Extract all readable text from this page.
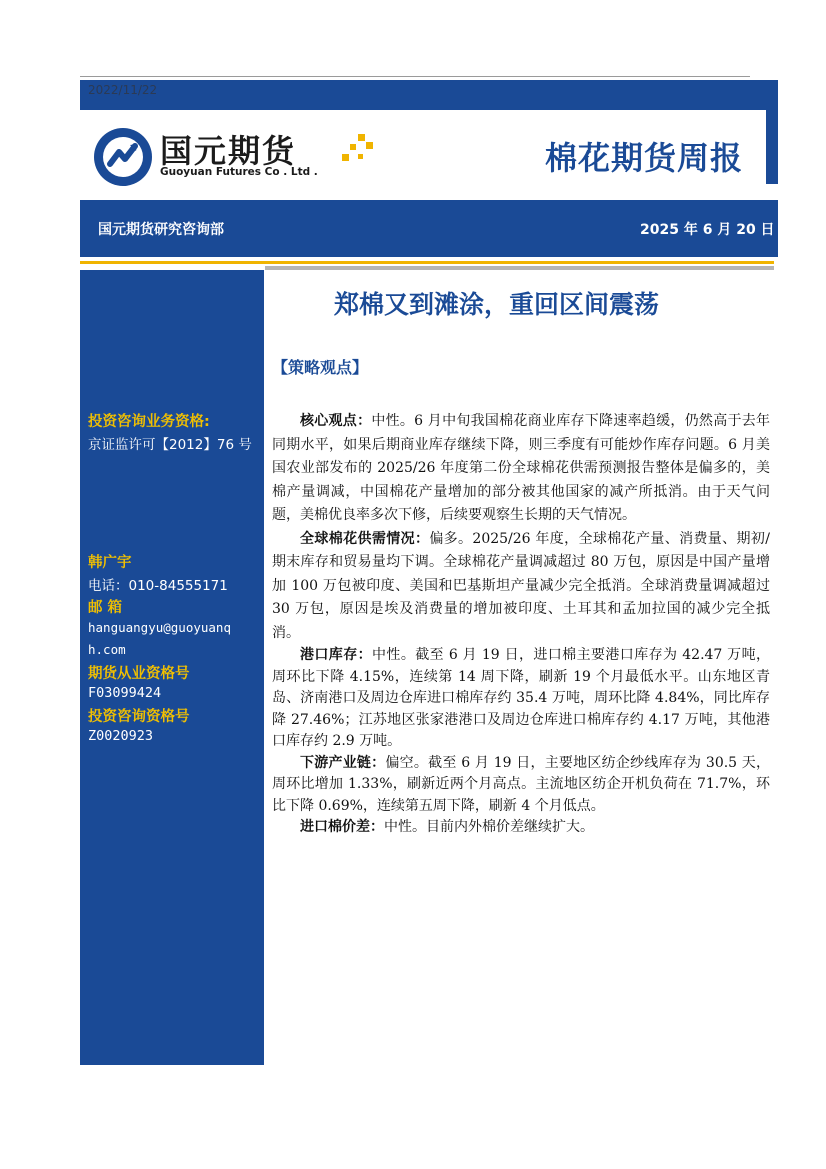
2022/11/22
国元期货
Guoyuan Futures Co . Ltd .	棉花期货周报
国元期货研究咨询部	2025 年 6 月 20 日
投资咨询业务资格:
京证监许可【2012】76 号
韩广宇
电话：010-84555171
邮 箱
hanguangyu@guoyuanq
h.com
期货从业资格号
F03099424
投资咨询资格号
Z0020923
郑棉又到滩涂，重回区间震荡
【策略观点】

核心观点：中性。6 月中旬我国棉花商业库存下降速率趋缓，仍然高于去年同期水平，如果后期商业库存继续下降，则三季度有可能炒作库存问题。6 月美国农业部发布的 2025/26 年度第二份全球棉花供需预测报告整体是偏多的，美棉产量调减，中国棉花产量增加的部分被其他国家的减产所抵消。由于天气问题，美棉优良率多次下修，后续要观察生长期的天气情况。

全球棉花供需情况：偏多。2025/26 年度，全球棉花产量、消费量、期初/期末库存和贸易量均下调。全球棉花产量调减超过 80 万包，原因是中国产量增加 100 万包被印度、美国和巴基斯坦产量减少完全抵消。全球消费量调减超过 30 万包，原因是埃及消费量的增加被印度、土耳其和孟加拉国的减少完全抵消。

港口库存：中性。截至 6 月 19 日，进口棉主要港口库存为 42.47 万吨，周环比下降 4.15%，连续第 14 周下降，刷新 19 个月最低水平。山东地区青岛、济南港口及周边仓库进口棉库存约 35.4 万吨，周环比降 4.84%，同比库存降 27.46%；江苏地区张家港港口及周边仓库进口棉库存约 4.17 万吨，其他港口库存约 2.9 万吨。

下游产业链：偏空。截至 6 月 19 日，主要地区纺企纱线库存为 30.5 天，周环比增加 1.33%，刷新近两个月高点。主流地区纺企开机负荷在 71.7%，环比下降 0.69%，连续第五周下降，刷新 4 个月低点。

进口棉价差：中性。目前内外棉价差继续扩大。
